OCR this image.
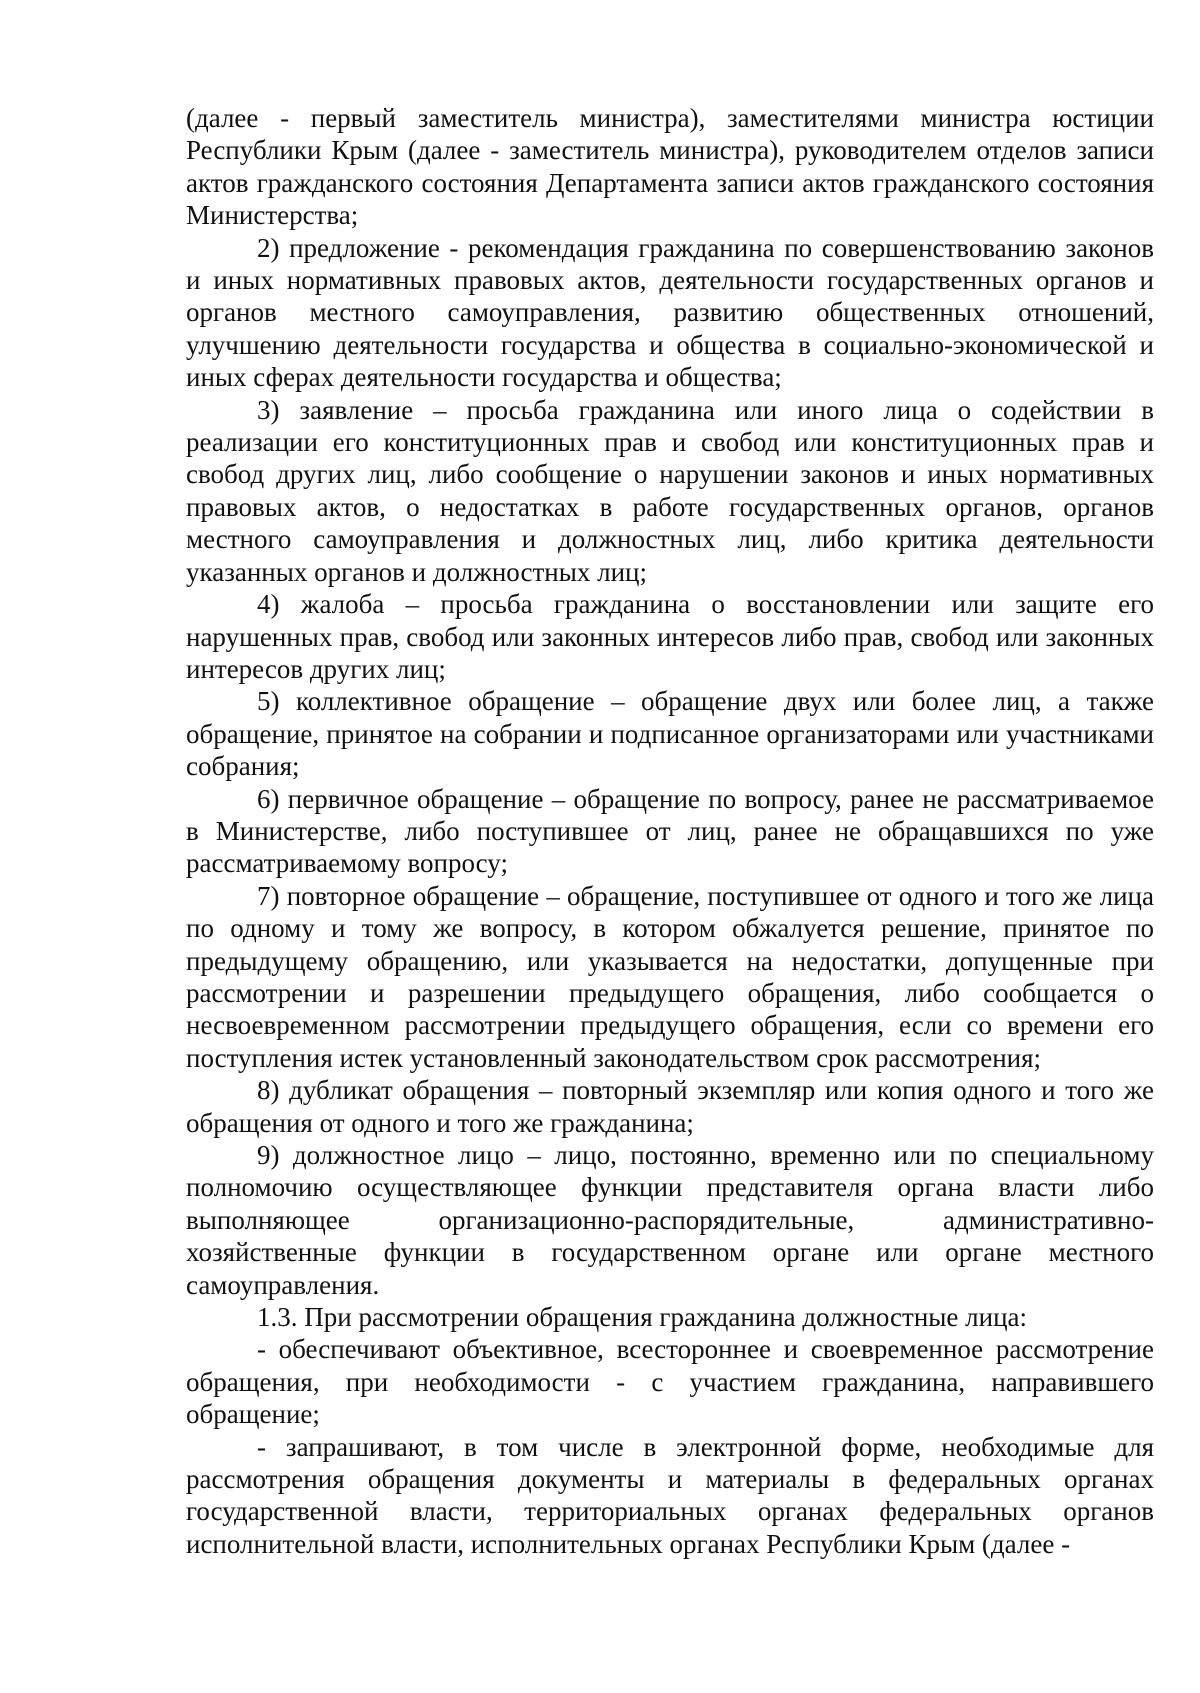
(далее - первый заместитель министра), заместителями министра юстиции Республики Крым (далее - заместитель министра), руководителем отделов записи актов гражданского состояния Департамента записи актов гражданского состояния Министерства;

2) предложение - рекомендация гражданина по совершенствованию законов и иных нормативных правовых актов, деятельности государственных органов и органов местного самоуправления, развитию общественных отношений, улучшению деятельности государства и общества в социально-экономической и иных сферах деятельности государства и общества;

3) заявление – просьба гражданина или иного лица о содействии в реализации его конституционных прав и свобод или конституционных прав и свобод других лиц, либо сообщение о нарушении законов и иных нормативных правовых актов, о недостатках в работе государственных органов, органов местного самоуправления и должностных лиц, либо критика деятельности указанных органов и должностных лиц;

4) жалоба – просьба гражданина о восстановлении или защите его нарушенных прав, свобод или законных интересов либо прав, свобод или законных интересов других лиц;

5) коллективное обращение – обращение двух или более лиц, а также обращение, принятое на собрании и подписанное организаторами или участниками собрания;

6) первичное обращение – обращение по вопросу, ранее не рассматриваемое в Министерстве, либо поступившее от лиц, ранее не обращавшихся по уже рассматриваемому вопросу;

7) повторное обращение – обращение, поступившее от одного и того же лица по одному и тому же вопросу, в котором обжалуется решение, принятое по предыдущему обращению, или указывается на недостатки, допущенные при рассмотрении и разрешении предыдущего обращения, либо сообщается о несвоевременном рассмотрении предыдущего обращения, если со времени его поступления истек установленный законодательством срок рассмотрения;

8) дубликат обращения – повторный экземпляр или копия одного и того же обращения от одного и того же гражданина;

9) должностное лицо – лицо, постоянно, временно или по специальному полномочию осуществляющее функции представителя органа власти либо выполняющее организационно-распорядительные, административно-хозяйственные функции в государственном органе или органе местного самоуправления.

1.3. При рассмотрении обращения гражданина должностные лица:

- обеспечивают объективное, всестороннее и своевременное рассмотрение обращения, при необходимости - с участием гражданина, направившего обращение;

- запрашивают, в том числе в электронной форме, необходимые для рассмотрения обращения документы и материалы в федеральных органах государственной власти, территориальных органах федеральных органов исполнительной власти, исполнительных органах Республики Крым (далее -
